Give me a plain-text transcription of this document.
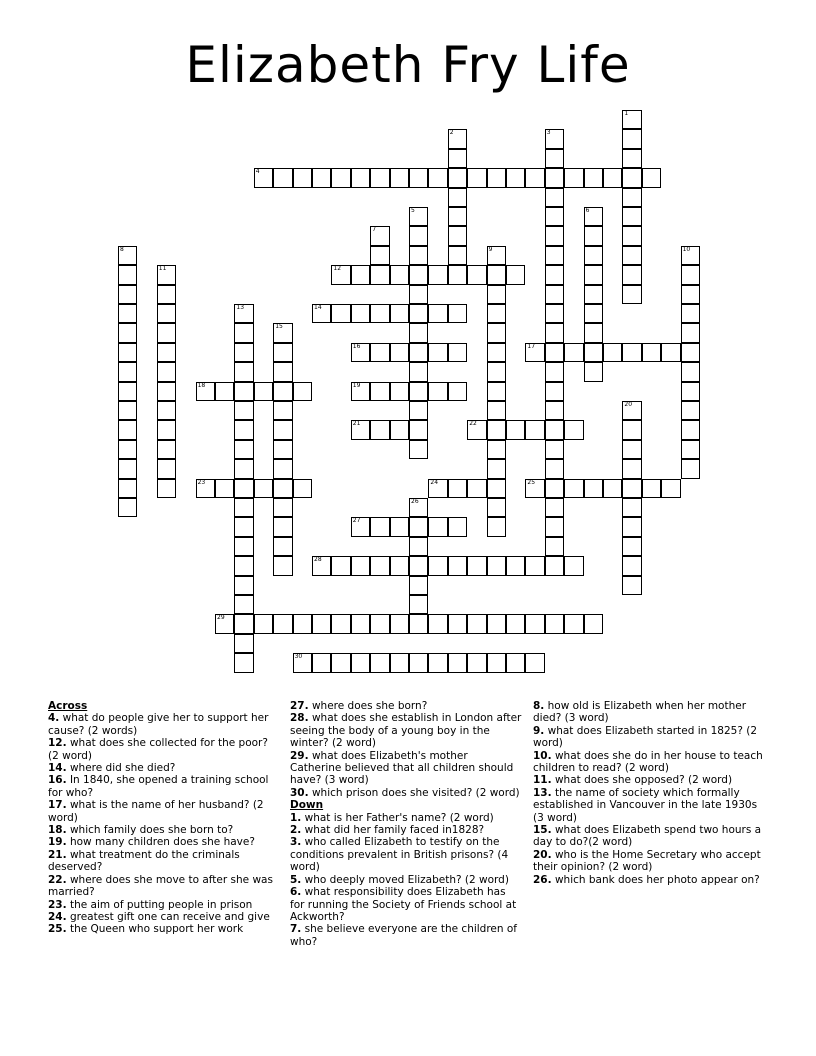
Elizabeth Fry Life
1
2	3
4
5	6
7
8	9	10
11	12
13	14
15
16	17
18	19
20
21	22
23	24	25
26
27
28
29
30
Across
4. what do people give her to support her cause? (2 words)
12. what does she collected for the poor? (2 word)
14. where did she died?
16. In 1840, she opened a training school for who?
17. what is the name of her husband? (2 word)
18. which family does she born to?
19. how many children does she have?
21. what treatment do the criminals deserved?
22. where does she move to after she was married?
23. the aim of putting people in prison
24. greatest gift one can receive and give
25. the Queen who support her work
27. where does she born?
28. what does she establish in London after seeing the body of a young boy in the winter? (2 word)
29. what does Elizabeth's mother Catherine believed that all children should have? (3 word)
30. which prison does she visited? (2 word)
Down
1. what is her Father's name? (2 word)
2. what did her family faced in1828?
3. who called Elizabeth to testify on the conditions prevalent in British prisons? (4 word)
5. who deeply moved Elizabeth? (2 word)
6. what responsibility does Elizabeth has for running the Society of Friends school at Ackworth?
7. she believe everyone are the children of who?
8. how old is Elizabeth when her mother died? (3 word)
9. what does Elizabeth started in 1825? (2 word)
10. what does she do in her house to teach children to read? (2 word)
11. what does she opposed? (2 word)
13. the name of society which formally established in Vancouver in the late 1930s (3 word)
15. what does Elizabeth spend two hours a day to do?(2 word)
20. who is the Home Secretary who accept their opinion? (2 word)
26. which bank does her photo appear on?
